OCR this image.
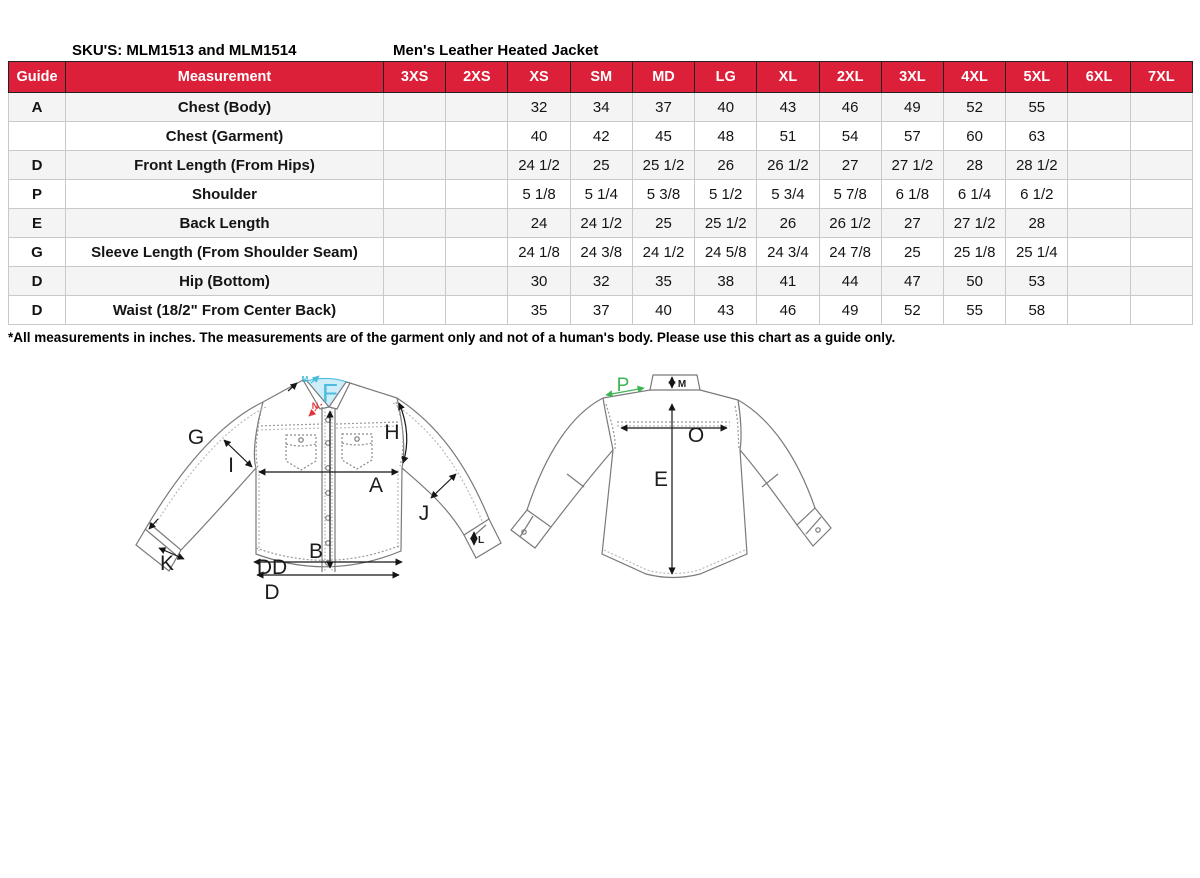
SKU'S: MLM1513 and MLM1514	Men's Leather Heated Jacket
Guide	Measurement	3XS	2XS	XS	SM	MD	LG	XL	2XL	3XL	4XL	5XL	6XL	7XL
A	Chest (Body)			32	34	37	40	43	46	49	52	55		
	Chest (Garment)			40	42	45	48	51	54	57	60	63		
D	Front Length (From Hips)			24 1/2	25	25 1/2	26	26 1/2	27	27 1/2	28	28 1/2		
P	Shoulder			5 1/8	5 1/4	5 3/8	5 1/2	5 3/4	5 7/8	6 1/8	6 1/4	6 1/2		
E	Back Length			24	24 1/2	25	25 1/2	26	26 1/2	27	27 1/2	28		
G	Sleeve Length (From Shoulder Seam)			24 1/8	24 3/8	24 1/2	24 5/8	24 3/4	24 7/8	25	25 1/8	25 1/4		
D	Hip (Bottom)			30	32	35	38	41	44	47	50	53		
D	Waist (18/2" From Center Back)			35	37	40	43	46	49	52	55	58		
*All measurements in inches. The measurements are of the garment only and not of a human's body. Please use this chart as a guide only.
G
I
F
M
N
H
A
J
B
K
L
DD
D
P	M
O
E
